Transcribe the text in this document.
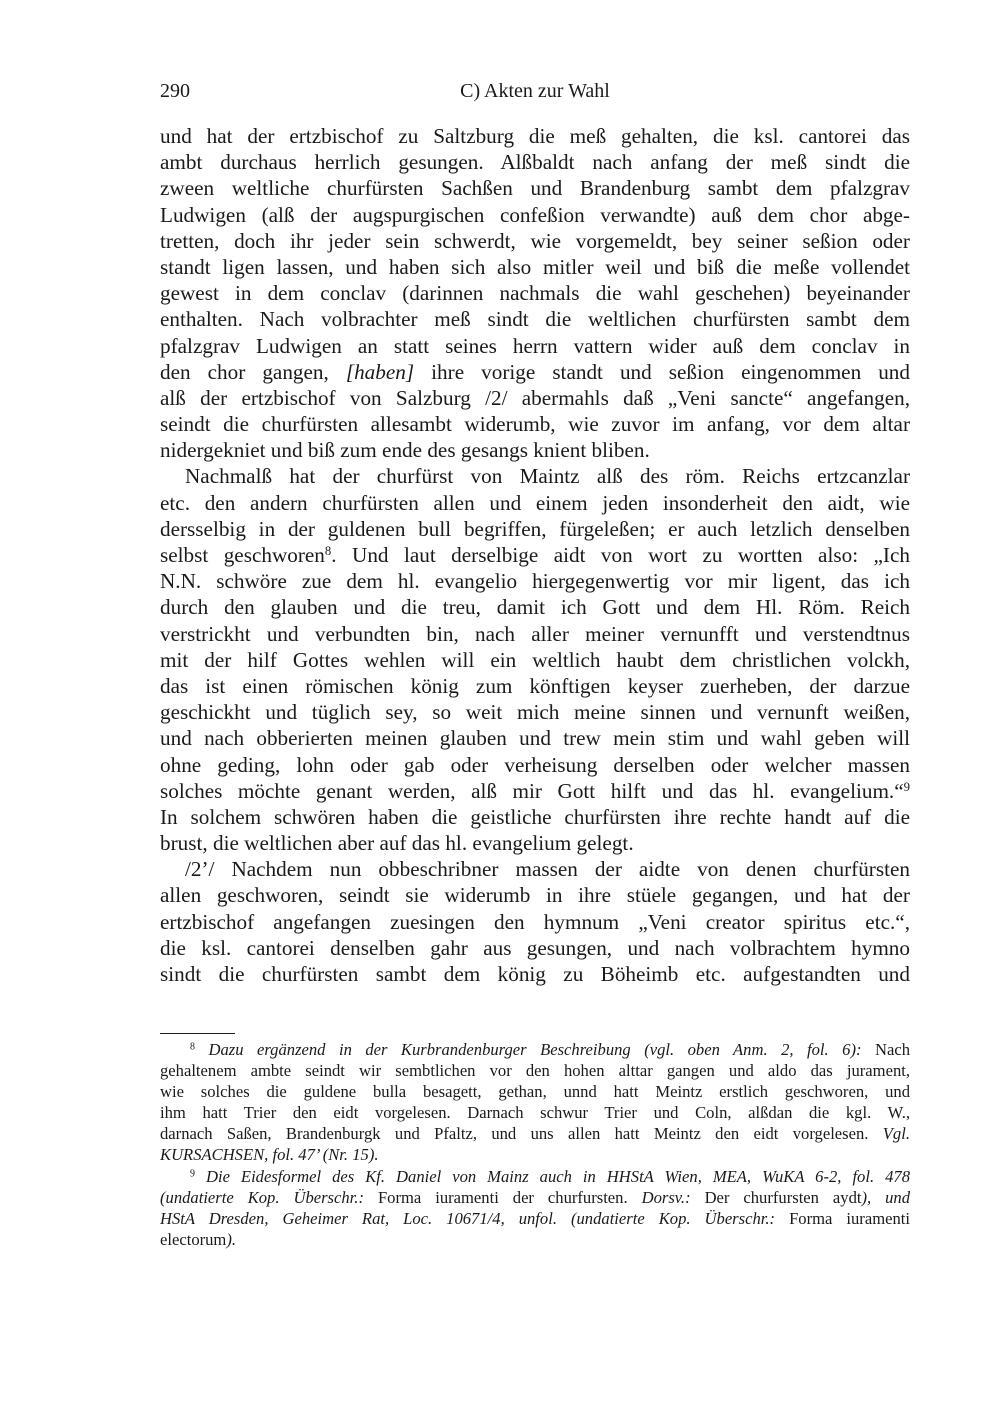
290	C) Akten zur Wahl
und hat der ertzbischof zu Saltzburg die meß gehalten, die ksl. cantorei das
ambt durchaus herrlich gesungen. Alßbaldt nach anfang der meß sindt die
zween weltliche churfürsten Sachßen und Brandenburg sambt dem pfalzgrav
Ludwigen (alß der augspurgischen confeßion verwandte) auß dem chor abge-
tretten, doch ihr jeder sein schwerdt, wie vorgemeldt, bey seiner seßion oder
standt ligen lassen, und haben sich also mitler weil und biß die meße vollendet
gewest in dem conclav (darinnen nachmals die wahl geschehen) beyeinander
enthalten. Nach volbrachter meß sindt die weltlichen churfürsten sambt dem
pfalzgrav Ludwigen an statt seines herrn vattern wider auß dem conclav in
den chor gangen, [haben] ihre vorige standt und seßion eingenommen und
alß der ertzbischof von Salzburg /2/ abermahls daß „Veni sancte“ angefangen,
seindt die churfürsten allesambt widerumb, wie zuvor im anfang, vor dem altar
nidergekniet und biß zum ende des gesangs knient bliben.
Nachmalß hat der churfürst von Maintz alß des röm. Reichs ertzcanzlar
etc. den andern churfürsten allen und einem jeden insonderheit den aidt, wie
dersselbig in der guldenen bull begriffen, fürgeleßen; er auch letzlich denselben
selbst geschworen$^8$. Und laut derselbige aidt von wort zu wortten also: „Ich
N.N. schwöre zue dem hl. evangelio hiergegenwertig vor mir ligent, das ich
durch den glauben und die treu, damit ich Gott und dem Hl. Röm. Reich
verstrickht und verbundten bin, nach aller meiner vernunfft und verstendtnus
mit der hilf Gottes wehlen will ein weltlich haubt dem christlichen volckh,
das ist einen römischen könig zum könftigen keyser zuerheben, der darzue
geschickht und tüglich sey, so weit mich meine sinnen und vernunft weißen,
und nach obberierten meinen glauben und trew mein stim und wahl geben will
ohne geding, lohn oder gab oder verheisung derselben oder welcher massen
solches möchte genant werden, alß mir Gott hilft und das hl. evangelium.“$^9$
In solchem schwören haben die geistliche churfürsten ihre rechte handt auf die
brust, die weltlichen aber auf das hl. evangelium gelegt.
/2’/ Nachdem nun obbeschribner massen der aidte von denen churfürsten
allen geschworen, seindt sie widerumb in ihre stüele gegangen, und hat der
ertzbischof angefangen zuesingen den hymnum „Veni creator spiritus etc.“,
die ksl. cantorei denselben gahr aus gesungen, und nach volbrachtem hymno
sindt die churfürsten sambt dem könig zu Böheimb etc. aufgestandten und
$^8$ Dazu ergänzend in der Kurbrandenburger Beschreibung (vgl. oben Anm. 2, fol. 6): Nach
gehaltenem ambte seindt wir sembtlichen vor den hohen alttar gangen und aldo das jurament,
wie solches die guldene bulla besagett, gethan, unnd hatt Meintz erstlich geschworen, und
ihm hatt Trier den eidt vorgelesen. Darnach schwur Trier und Coln, alßdan die kgl. W.,
darnach Saßen, Brandenburgk und Pfaltz, und uns allen hatt Meintz den eidt vorgelesen. Vgl.
KURSACHSEN, fol. 47’ (Nr. 15).
$^9$ Die Eidesformel des Kf. Daniel von Mainz auch in HHStA Wien, MEA, WuKA 6-2, fol. 478
(undatierte Kop. Überschr.: Forma iuramenti der churfursten. Dorsv.: Der churfursten aydt), und
HStA Dresden, Geheimer Rat, Loc. 10671/4, unfol. (undatierte Kop. Überschr.: Forma iuramenti
electorum).
